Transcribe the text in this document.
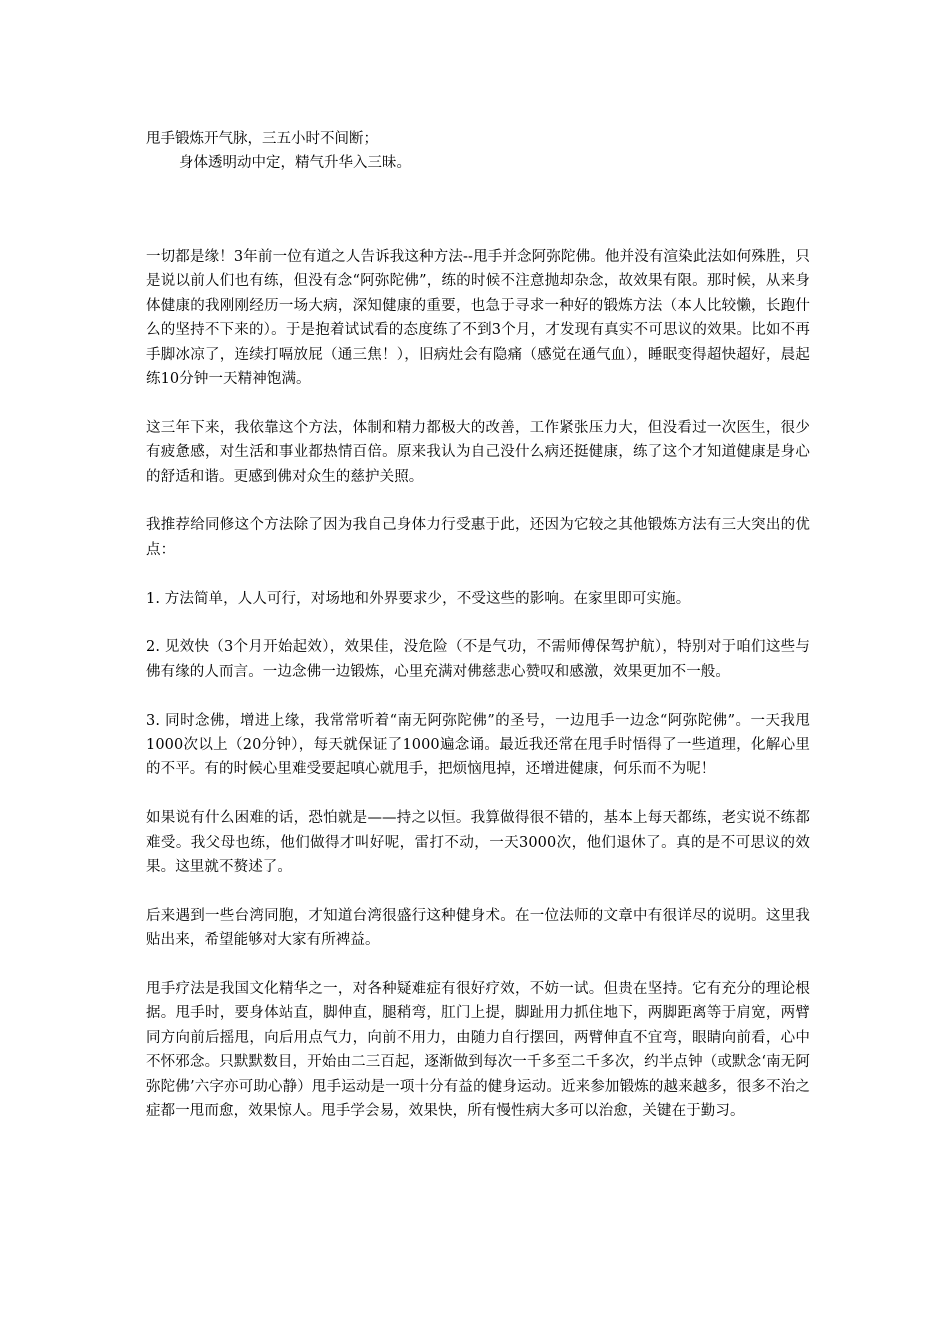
甩手锻炼开气脉，三五小时不间断；
身体透明动中定，精气升华入三昧。

一切都是缘！3年前一位有道之人告诉我这种方法--甩手并念阿弥陀佛。他并没有渲染此法如何殊胜，只是说以前人们也有练，但没有念“阿弥陀佛”，练的时候不注意抛却杂念，故效果有限。那时候，从来身体健康的我刚刚经历一场大病，深知健康的重要，也急于寻求一种好的锻炼方法（本人比较懒，长跑什么的坚持不下来的）。于是抱着试试看的态度练了不到3个月，才发现有真实不可思议的效果。比如不再手脚冰凉了，连续打嗝放屁（通三焦！），旧病灶会有隐痛（感觉在通气血），睡眠变得超快超好，晨起练10分钟一天精神饱满。

这三年下来，我依靠这个方法，体制和精力都极大的改善，工作紧张压力大，但没看过一次医生，很少有疲惫感，对生活和事业都热情百倍。原来我认为自己没什么病还挺健康，练了这个才知道健康是身心的舒适和谐。更感到佛对众生的慈护关照。

我推荐给同修这个方法除了因为我自己身体力行受惠于此，还因为它较之其他锻炼方法有三大突出的优点：

1. 方法简单，人人可行，对场地和外界要求少，不受这些的影响。在家里即可实施。

2. 见效快（3个月开始起效），效果佳，没危险（不是气功，不需师傅保驾护航），特别对于咱们这些与佛有缘的人而言。一边念佛一边锻炼，心里充满对佛慈悲心赞叹和感激，效果更加不一般。

3. 同时念佛，增进上缘，我常常听着“南无阿弥陀佛”的圣号，一边甩手一边念“阿弥陀佛”。一天我甩1000次以上（20分钟），每天就保证了1000遍念诵。最近我还常在甩手时悟得了一些道理，化解心里的不平。有的时候心里难受要起嗔心就甩手，把烦恼甩掉，还增进健康，何乐而不为呢！

如果说有什么困难的话，恐怕就是——持之以恒。我算做得很不错的，基本上每天都练，老实说不练都难受。我父母也练，他们做得才叫好呢，雷打不动，一天3000次，他们退休了。真的是不可思议的效果。这里就不赘述了。

后来遇到一些台湾同胞，才知道台湾很盛行这种健身术。在一位法师的文章中有很详尽的说明。这里我贴出来，希望能够对大家有所裨益。

甩手疗法是我国文化精华之一，对各种疑难症有很好疗效，不妨一试。但贵在坚持。它有充分的理论根据。甩手时，要身体站直，脚伸直，腿稍弯，肛门上提，脚趾用力抓住地下，两脚距离等于肩宽，两臂同方向前后摇甩，向后用点气力，向前不用力，由随力自行摆回，两臂伸直不宜弯，眼睛向前看，心中不怀邪念。只默默数目，开始由二三百起，逐渐做到每次一千多至二千多次，约半点钟（或默念‘南无阿弥陀佛’六字亦可助心静）甩手运动是一项十分有益的健身运动。近来参加锻炼的越来越多，很多不治之症都一甩而愈，效果惊人。甩手学会易，效果快，所有慢性病大多可以治愈，关键在于勤习。
